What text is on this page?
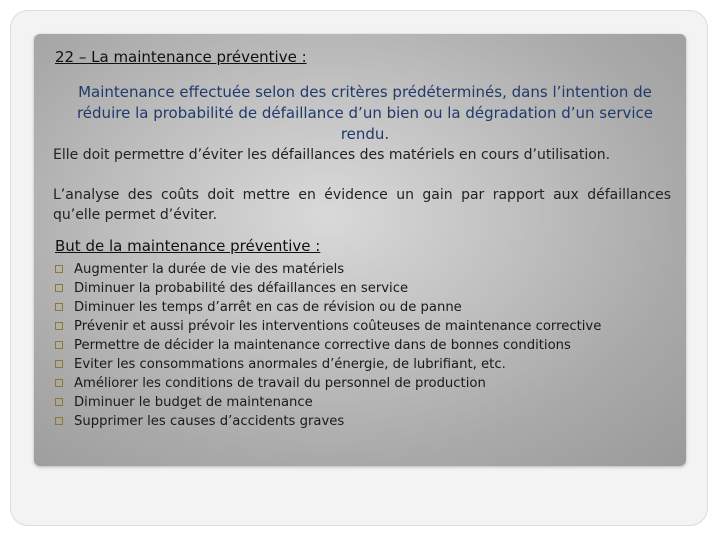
22 – La maintenance préventive :

Maintenance effectuée selon des critères prédéterminés, dans l’intention de réduire la probabilité de défaillance d’un bien ou la dégradation d’un service rendu.

Elle doit permettre d’éviter les défaillances des matériels en cours d’utilisation.

L’analyse des coûts doit mettre en évidence un gain par rapport aux défaillances qu’elle permet d’éviter.

But de la maintenance préventive :
Augmenter la durée de vie des matériels
Diminuer la probabilité des défaillances en service
Diminuer les temps d’arrêt en cas de révision ou de panne
Prévenir et aussi prévoir les interventions coûteuses de maintenance corrective
Permettre de décider la maintenance corrective dans de bonnes conditions
Eviter les consommations anormales d’énergie, de lubrifiant, etc.
Améliorer les conditions de travail du personnel de production
Diminuer le budget de maintenance
Supprimer les causes d’accidents graves
